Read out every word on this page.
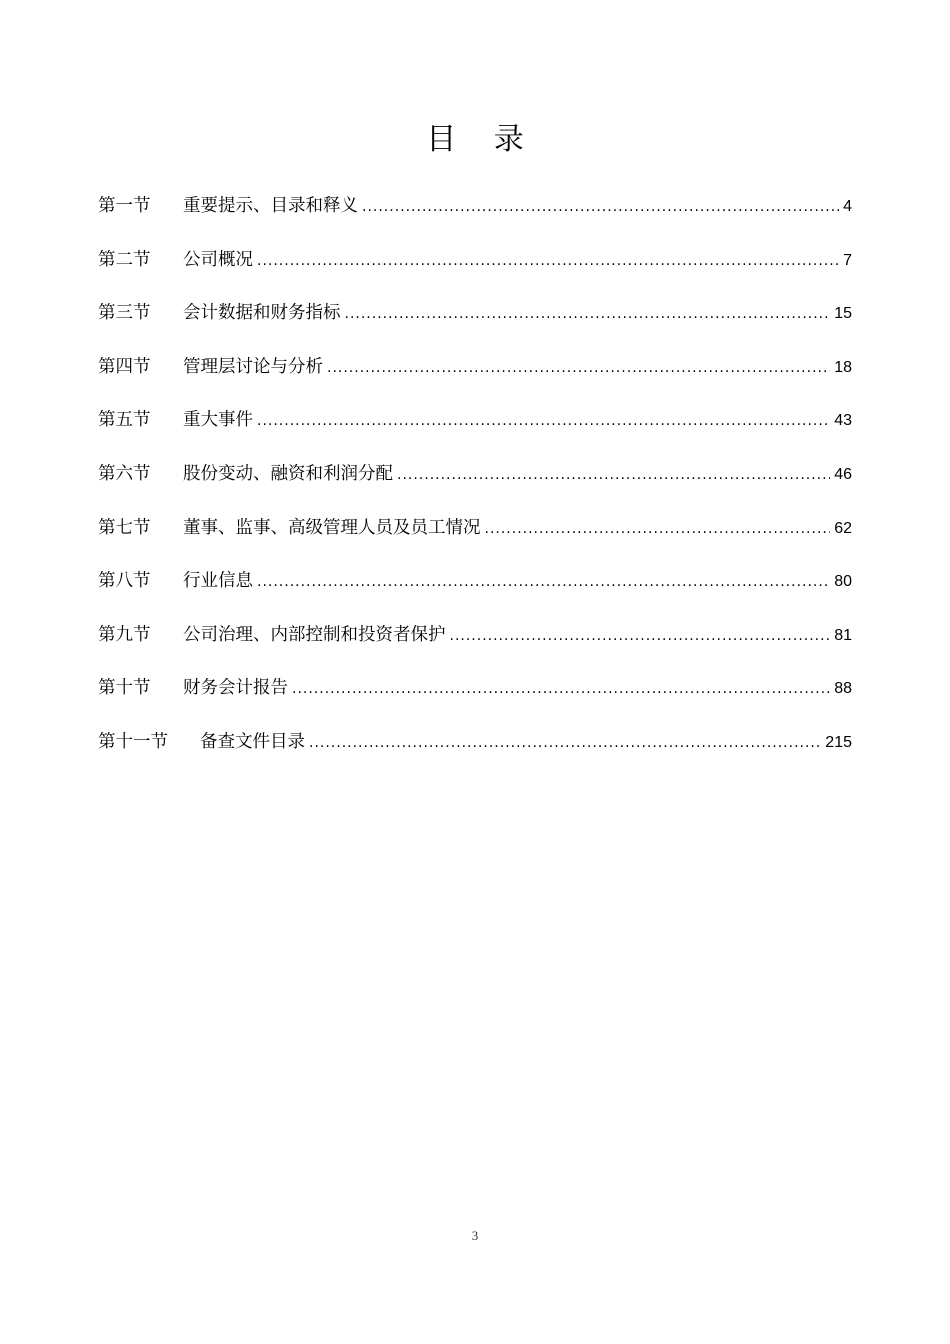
目 录
第一节	重要提示、目录和释义 .....	4
第二节	公司概况 .....	7
第三节	会计数据和财务指标 .....	15
第四节	管理层讨论与分析 .....	18
第五节	重大事件 .....	43
第六节	股份变动、融资和利润分配 .....	46
第七节	董事、监事、高级管理人员及员工情况 .....	62
第八节	行业信息 .....	80
第九节	公司治理、内部控制和投资者保护 .....	81
第十节	财务会计报告 .....	88
第十一节	备查文件目录 .....	215
3
